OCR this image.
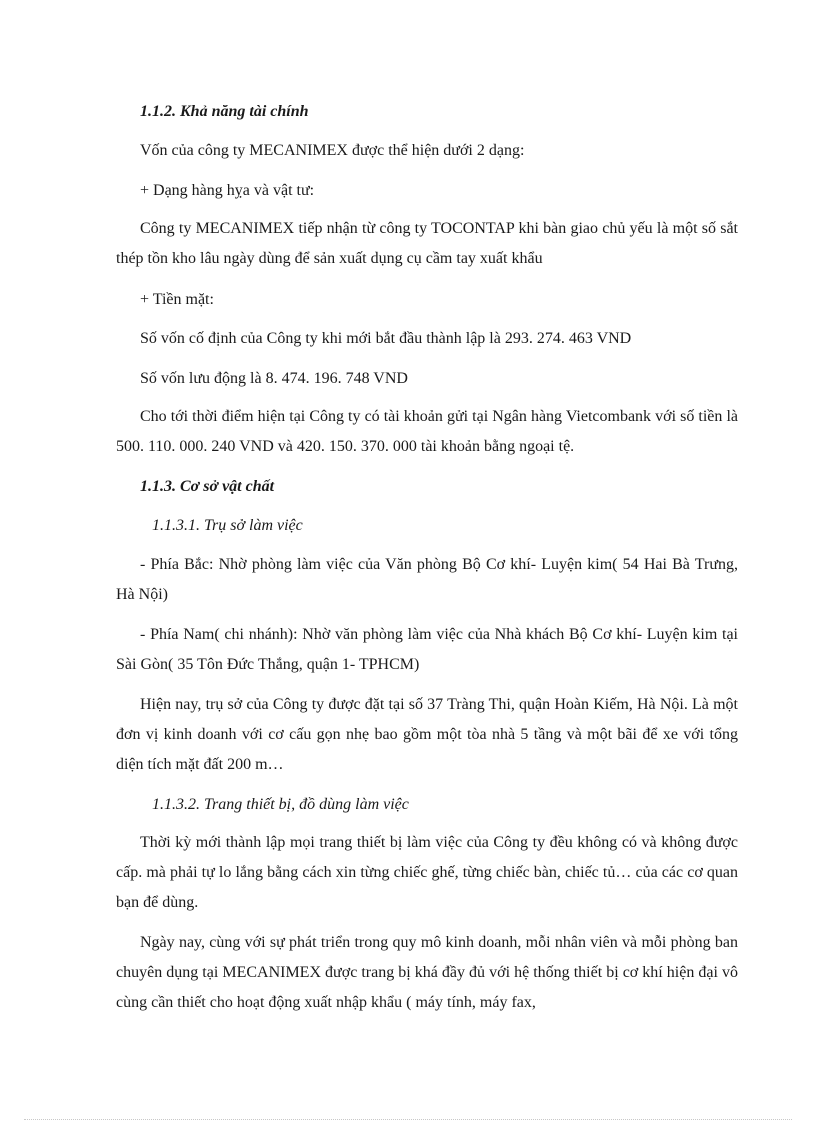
1.1.2. Khả năng tài chính

Vốn của công ty MECANIMEX được thể hiện dưới 2 dạng:

+ Dạng hàng hỵa và vật tư:

Công ty MECANIMEX tiếp nhận từ công ty TOCONTAP khi bàn giao chủ yếu là một số sắt thép tồn kho lâu ngày dùng để sản xuất dụng cụ cầm tay xuất khẩu

+ Tiền mặt:

Số vốn cố định của Công ty khi mới bắt đầu thành lập là 293. 274. 463 VND

Số vốn lưu động là 8. 474. 196. 748 VND

Cho tới thời điểm hiện tại Công ty có tài khoản gửi tại Ngân hàng Vietcombank với số tiền là 500. 110. 000. 240 VND và 420. 150. 370. 000 tài khoản bằng ngoại tệ.

1.1.3. Cơ sở vật chất

1.1.3.1. Trụ sở làm việc

- Phía Bắc: Nhờ phòng làm việc của Văn phòng Bộ Cơ khí- Luyện kim( 54 Hai Bà Trưng, Hà Nội)

- Phía Nam( chi nhánh): Nhờ văn phòng làm việc của Nhà khách Bộ Cơ khí- Luyện kim tại Sài Gòn( 35 Tôn Đức Thắng, quận 1- TPHCM)

Hiện nay, trụ sở của Công ty được đặt tại số 37 Tràng Thi, quận Hoàn Kiếm, Hà Nội. Là một đơn vị kinh doanh với cơ cấu gọn nhẹ bao gồm một tòa nhà 5 tầng và một bãi để xe với tổng diện tích mặt đất 200 m…

1.1.3.2. Trang thiết bị, đồ dùng làm việc

Thời kỳ mới thành lập mọi trang thiết bị làm việc của Công ty đều không có và không được cấp. mà phải tự lo lắng bằng cách xin từng chiếc ghế, từng chiếc bàn, chiếc tủ… của các cơ quan bạn để dùng.

Ngày nay, cùng với sự phát triển trong quy mô kinh doanh, mỗi nhân viên và mỗi phòng ban chuyên dụng tại MECANIMEX được trang bị khá đầy đủ với hệ thống thiết bị cơ khí hiện đại vô cùng cần thiết cho hoạt động xuất nhập khẩu ( máy tính, máy fax,
